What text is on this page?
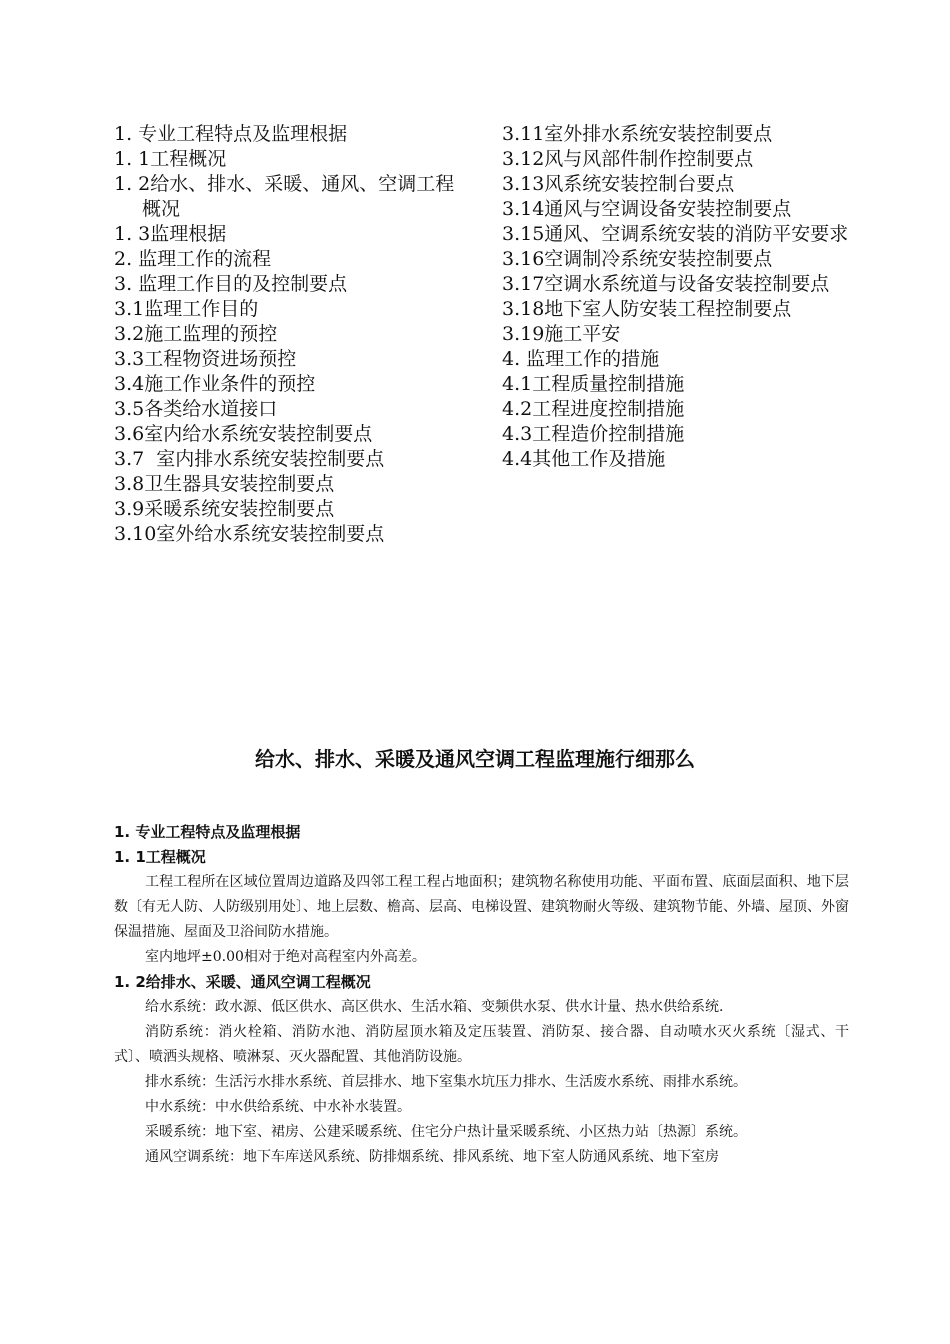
1. 专业工程特点及监理根据
1. 1工程概况
1. 2给水、排水、采暖、通风、空调工程概况
1. 3监理根据
2. 监理工作的流程
3. 监理工作目的及控制要点
3.1监理工作目的
3.2施工监理的预控
3.3工程物资进场预控
3.4施工作业条件的预控
3.5各类给水道接口
3.6室内给水系统安装控制要点
3.7  室内排水系统安装控制要点
3.8卫生器具安装控制要点
3.9采暖系统安装控制要点
3.10室外给水系统安装控制要点
3.11室外排水系统安装控制要点
3.12风与风部件制作控制要点
3.13风系统安装控制台要点
3.14通风与空调设备安装控制要点
3.15通风、空调系统安装的消防平安要求
3.16空调制冷系统安装控制要点
3.17空调水系统道与设备安装控制要点
3.18地下室人防安装工程控制要点
3.19施工平安
4. 监理工作的措施
4.1工程质量控制措施
4.2工程进度控制措施
4.3工程造价控制措施
4.4其他工作及措施
给水、排水、采暖及通风空调工程监理施行细那么

1. 专业工程特点及监理根据

1. 1工程概况

工程工程所在区域位置周边道路及四邻工程工程占地面积；建筑物名称使用功能、平面布置、底面层面积、地下层数〔有无人防、人防级别用处〕、地上层数、檐高、层高、电梯设置、建筑物耐火等级、建筑物节能、外墙、屋顶、外窗保温措施、屋面及卫浴间防水措施。

室内地坪±0.00相对于绝对高程室内外高差。

1. 2给排水、采暖、通风空调工程概况

给水系统：政水源、低区供水、高区供水、生活水箱、变频供水泵、供水计量、热水供给系统.

消防系统：消火栓箱、消防水池、消防屋顶水箱及定压装置、消防泵、接合器、自动喷水灭火系统〔湿式、干式〕、喷洒头规格、喷淋泵、灭火器配置、其他消防设施。

排水系统：生活污水排水系统、首层排水、地下室集水坑压力排水、生活废水系统、雨排水系统。

中水系统：中水供给系统、中水补水装置。

采暖系统：地下室、裙房、公建采暖系统、住宅分户热计量采暖系统、小区热力站〔热源〕系统。

通风空调系统：地下车库送风系统、防排烟系统、排风系统、地下室人防通风系统、地下室房
